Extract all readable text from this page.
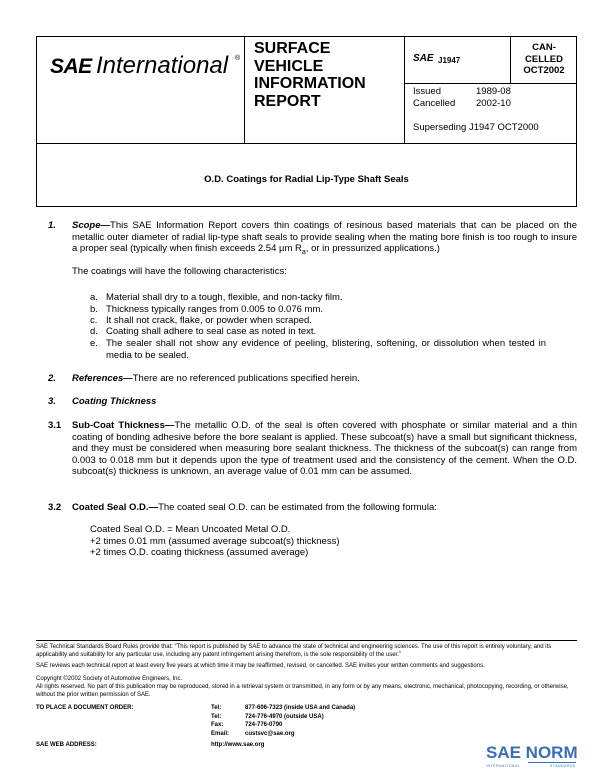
SAE International ®
SURFACE
VEHICLE
INFORMATION
REPORT
SAE J1947
CAN-
CELLED
OCT2002
Issued	1989-08
Cancelled 2002-10
Superseding J1947 OCT2000
O.D. Coatings for Radial Lip-Type Shaft Seals
1. Scope—This SAE Information Report covers thin coatings of resinous based materials that can be placed on the metallic outer diameter of radial lip-type shaft seals to provide sealing when the mating bore finish is too rough to insure a proper seal (typically when finish exceeds 2.54 µm $R_a$, or in pressurized applications.)
The coatings will have the following characteristics:
a. Material shall dry to a tough, flexible, and non-tacky film.
b. Thickness typically ranges from 0.005 to 0.076 mm.
c. It shall not crack, flake, or powder when scraped.
d. Coating shall adhere to seal case as noted in text.
e. The sealer shall not show any evidence of peeling, blistering, softening, or dissolution when tested in media to be sealed.
2. References—There are no referenced publications specified herein.
3. Coating Thickness
3.1 Sub-Coat Thickness—The metallic O.D. of the seal is often covered with phosphate or similar material and a thin coating of bonding adhesive before the bore sealant is applied. These subcoat(s) have a small but significant thickness, and they must be considered when measuring bore sealant thickness. The thickness of the subcoat(s) can range from 0.003 to 0.018 mm but it depends upon the type of treatment used and the consistency of the cement. When the O.D. subcoat(s) thickness is unknown, an average value of 0.01 mm can be assumed.
3.2 Coated Seal O.D.—The coated seal O.D. can be estimated from the following formula:
Coated Seal O.D. = Mean Uncoated Metal O.D.
+2 times 0.01 mm (assumed average subcoat(s) thickness)
+2 times O.D. coating thickness (assumed average)
SAE Technical Standards Board Rules provide that: “This report is published by SAE to advance the state of technical and engineering sciences. The use of this report is entirely voluntary, and its applicability and suitability for any particular use, including any patent infringement arising therefrom, is the sole responsibility of the user.”
SAE reviews each technical report at least every five years at which time it may be reaffirmed, revised, or cancelled. SAE invites your written comments and suggestions.
Copyright ©2002 Society of Automotive Engineers, Inc.
All rights reserved. No part of this publication may be reproduced, stored in a retrieval system or transmitted, in any form or by any means, electronic, mechanical, photocopying, recording, or otherwise, without the prior written permission of SAE.
TO PLACE A DOCUMENT ORDER:	Tel:	877-606-7323 (inside USA and Canada)
Tel:	724-776-4970 (outside USA)
Fax:	724-776-0790
Email:	custsvc@sae.org
SAE WEB ADDRESS:	http://www.sae.org	SAE NORM
INTERNATIONAL	STANDARDS
